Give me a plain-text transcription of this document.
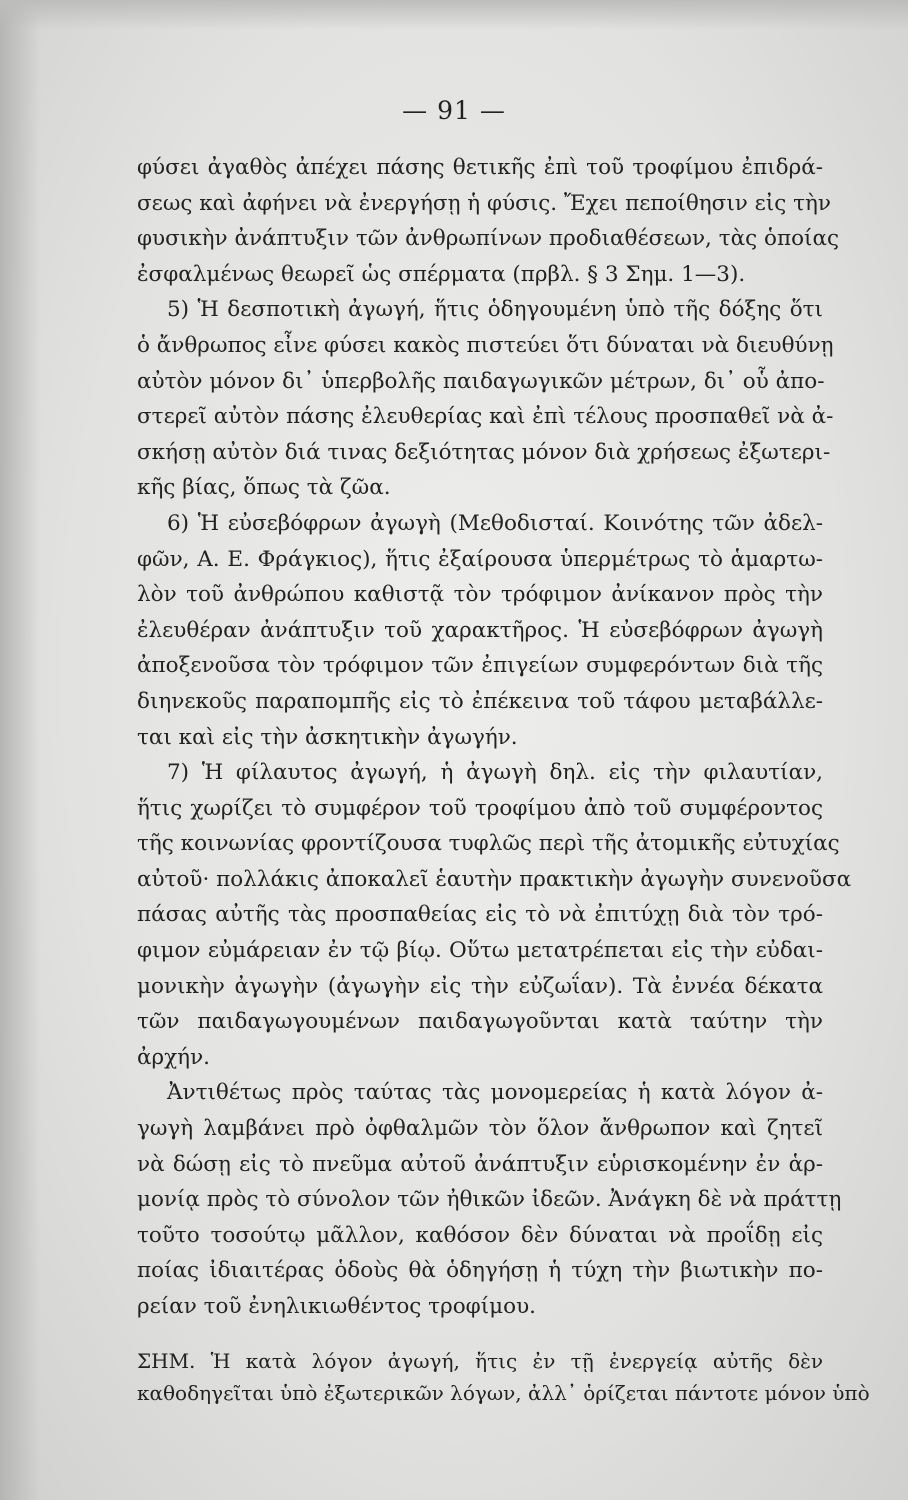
— 91 —
φύσει ἀγαθὸς ἀπέχει πάσης θετικῆς ἐπὶ τοῦ τροφίμου ἐπιδρά-
σεως καὶ ἀφήνει νὰ ἐνεργήσῃ ἡ φύσις. Ἔχει πεποίθησιν εἰς τὴν
φυσικὴν ἀνάπτυξιν τῶν ἀνθρωπίνων προδιαθέσεων, τὰς ὁποίας
ἐσφαλμένως θεωρεῖ ὡς σπέρματα (πρβλ. § 3 Σημ. 1—3).
5) Ἡ δεσποτικὴ ἀγωγή, ἥτις ὁδηγουμένη ὑπὸ τῆς δόξης ὅτι
ὁ ἄνθρωπος εἶνε φύσει κακὸς πιστεύει ὅτι δύναται νὰ διευθύνῃ
αὐτὸν μόνον δι᾽ ὑπερβολῆς παιδαγωγικῶν μέτρων, δι᾽ οὗ ἀπο-
στερεῖ αὐτὸν πάσης ἐλευθερίας καὶ ἐπὶ τέλους προσπαθεῖ νὰ ἀ-
σκήσῃ αὐτὸν διά τινας δεξιότητας μόνον διὰ χρήσεως ἐξωτερι-
κῆς βίας, ὅπως τὰ ζῶα.
6) Ἡ εὐσεβόφρων ἀγωγὴ (Μεθοδισταί. Κοινότης τῶν ἀδελ-
φῶν, Α. Ε. Φράγκιος), ἥτις ἐξαίρουσα ὑπερμέτρως τὸ ἁμαρτω-
λὸν τοῦ ἀνθρώπου καθιστᾷ τὸν τρόφιμον ἀνίκανον πρὸς τὴν
ἐλευθέραν ἀνάπτυξιν τοῦ χαρακτῆρος. Ἡ εὐσεβόφρων ἀγωγὴ
ἀποξενοῦσα τὸν τρόφιμον τῶν ἐπιγείων συμφερόντων διὰ τῆς
διηνεκοῦς παραπομπῆς εἰς τὸ ἐπέκεινα τοῦ τάφου μεταβάλλε-
ται καὶ εἰς τὴν ἀσκητικὴν ἀγωγήν.
7) Ἡ φίλαυτος ἀγωγή, ἡ ἀγωγὴ δηλ. εἰς τὴν φιλαυτίαν,
ἥτις χωρίζει τὸ συμφέρον τοῦ τροφίμου ἀπὸ τοῦ συμφέροντος
τῆς κοινωνίας φροντίζουσα τυφλῶς περὶ τῆς ἀτομικῆς εὐτυχίας
αὐτοῦ· πολλάκις ἀποκαλεῖ ἑαυτὴν πρακτικὴν ἀγωγὴν συνενοῦσα
πάσας αὐτῆς τὰς προσπαθείας εἰς τὸ νὰ ἐπιτύχῃ διὰ τὸν τρό-
φιμον εὐμάρειαν ἐν τῷ βίῳ. Οὕτω μετατρέπεται εἰς τὴν εὐδαι-
μονικὴν ἀγωγὴν (ἀγωγὴν εἰς τὴν εὐζωΐαν). Τὰ ἐννέα δέκατα
τῶν παιδαγωγουμένων παιδαγωγοῦνται κατὰ ταύτην τὴν
ἀρχήν.
Ἀντιθέτως πρὸς ταύτας τὰς μονομερείας ἡ κατὰ λόγον ἀ-
γωγὴ λαμβάνει πρὸ ὀφθαλμῶν τὸν ὅλον ἄνθρωπον καὶ ζητεῖ
νὰ δώσῃ εἰς τὸ πνεῦμα αὐτοῦ ἀνάπτυξιν εὑρισκομένην ἐν ἁρ-
μονίᾳ πρὸς τὸ σύνολον τῶν ἠθικῶν ἰδεῶν. Ἀνάγκη δὲ νὰ πράττῃ
τοῦτο τοσούτῳ μᾶλλον, καθόσον δὲν δύναται νὰ προΐδῃ εἰς
ποίας ἰδιαιτέρας ὁδοὺς θὰ ὁδηγήσῃ ἡ τύχη τὴν βιωτικὴν πο-
ρείαν τοῦ ἐνηλικιωθέντος τροφίμου.
ΣΗΜ. Ἡ κατὰ λόγον ἀγωγή, ἥτις ἐν τῇ ἐνεργείᾳ αὐτῆς δὲν
καθοδηγεῖται ὑπὸ ἐξωτερικῶν λόγων, ἀλλ᾽ ὁρίζεται πάντοτε μόνον ὑπὸ
